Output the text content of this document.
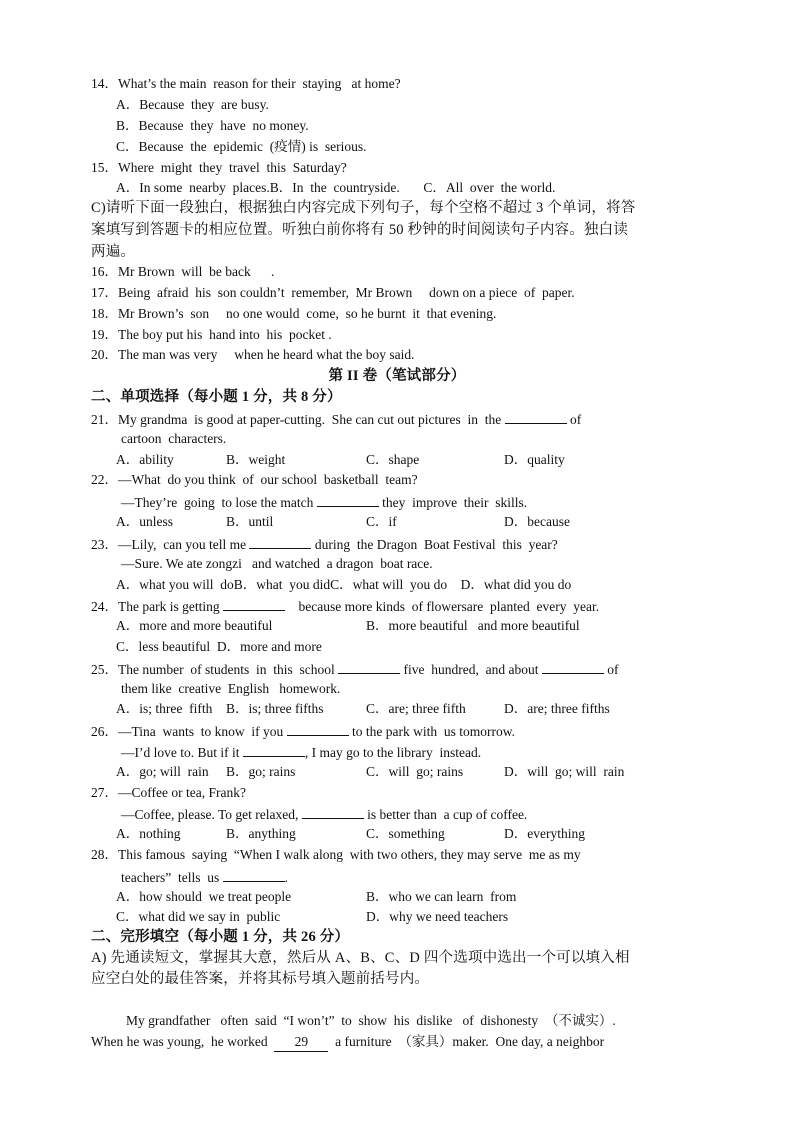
14．What’s the main  reason for their  staying   at home?
A．Because  they  are busy.
B．Because  they  have  no money.
C．Because  the  epidemic  (疫情) is  serious.
15．Where  might  they  travel  this  Saturday?
A．In some  nearby  places.B．In  the  countryside.       C．All  over  the world.
C)请听下面一段独白，根据独白内容完成下列句子，每个空格不超过 3 个单词，将答
案填写到答题卡的相应位置。听独白前你将有 50 秒钟的时间阅读句子内容。独白读
两遍。
16．Mr Brown  will  be back      .
17．Being  afraid  his  son couldn’t  remember,  Mr Brown     down on a piece  of  paper.
18．Mr Brown’s  son     no one would  come,  so he burnt  it  that evening.
19．The boy put his  hand into  his  pocket .
20．The man was very     when he heard what the boy said.
第 II 卷（笔试部分）
二、单项选择（每小题 1 分，共 8 分）
21．My grandma  is good at paper-cutting.  She can cut out pictures  in  the	of
cartoon  characters.
A．ability	B．weight	C．shape	D．quality
22．—What  do you think  of  our school  basketball  team?
—They’re  going  to lose the match	they  improve  their  skills.
A．unless	B．until	C．if	D．because
23．—Lily,  can you tell me	during  the Dragon  Boat Festival  this  year?
—Sure. We ate zongzi   and watched  a dragon  boat race.
A．what you will  doB．what  you didC．what will  you do    D．what did you do
24．The park is getting	because more kinds  of flowersare  planted  every  year.
A．more and more beautiful	B．more beautiful   and more beautiful
C．less beautiful  D．more and more
25．The number  of students  in  this  school	five  hundred,  and about	of
them like  creative  English   homework.
A．is; three  fifth B．is; three fifths	C．are; three fifth	D．are; three fifths
26．—Tina  wants  to know  if you	to the park with  us tomorrow.
—I’d love to. But if it	, I may go to the library  instead.
A．go; will  rain B．go; rains	C．will  go; rains	D．will  go; will  rain
27．—Coffee or tea, Frank?
—Coffee, please. To get relaxed,	is better than  a cup of coffee.
A．nothing	B．anything	C．something	D．everything
28．This famous  saying  “When I walk along  with two others, they may serve  me as my
teachers”  tells  us	.
A．how should  we treat people	B．who we can learn  from
C．what did we say in  public	D．why we need teachers
二、完形填空（每小题 1 分，共 26 分）
A) 先通读短文，掌握其大意，然后从 A、B、C、D 四个选项中选出一个可以填入相
应空白处的最佳答案，并将其标号填入题前括号内。
My grandfather   often  said  “I won’t”  to  show  his  dislike   of  dishonesty  （不诚实）.
When he was young,  he worked 29 a furniture  （家具）maker.  One day, a neighbor
